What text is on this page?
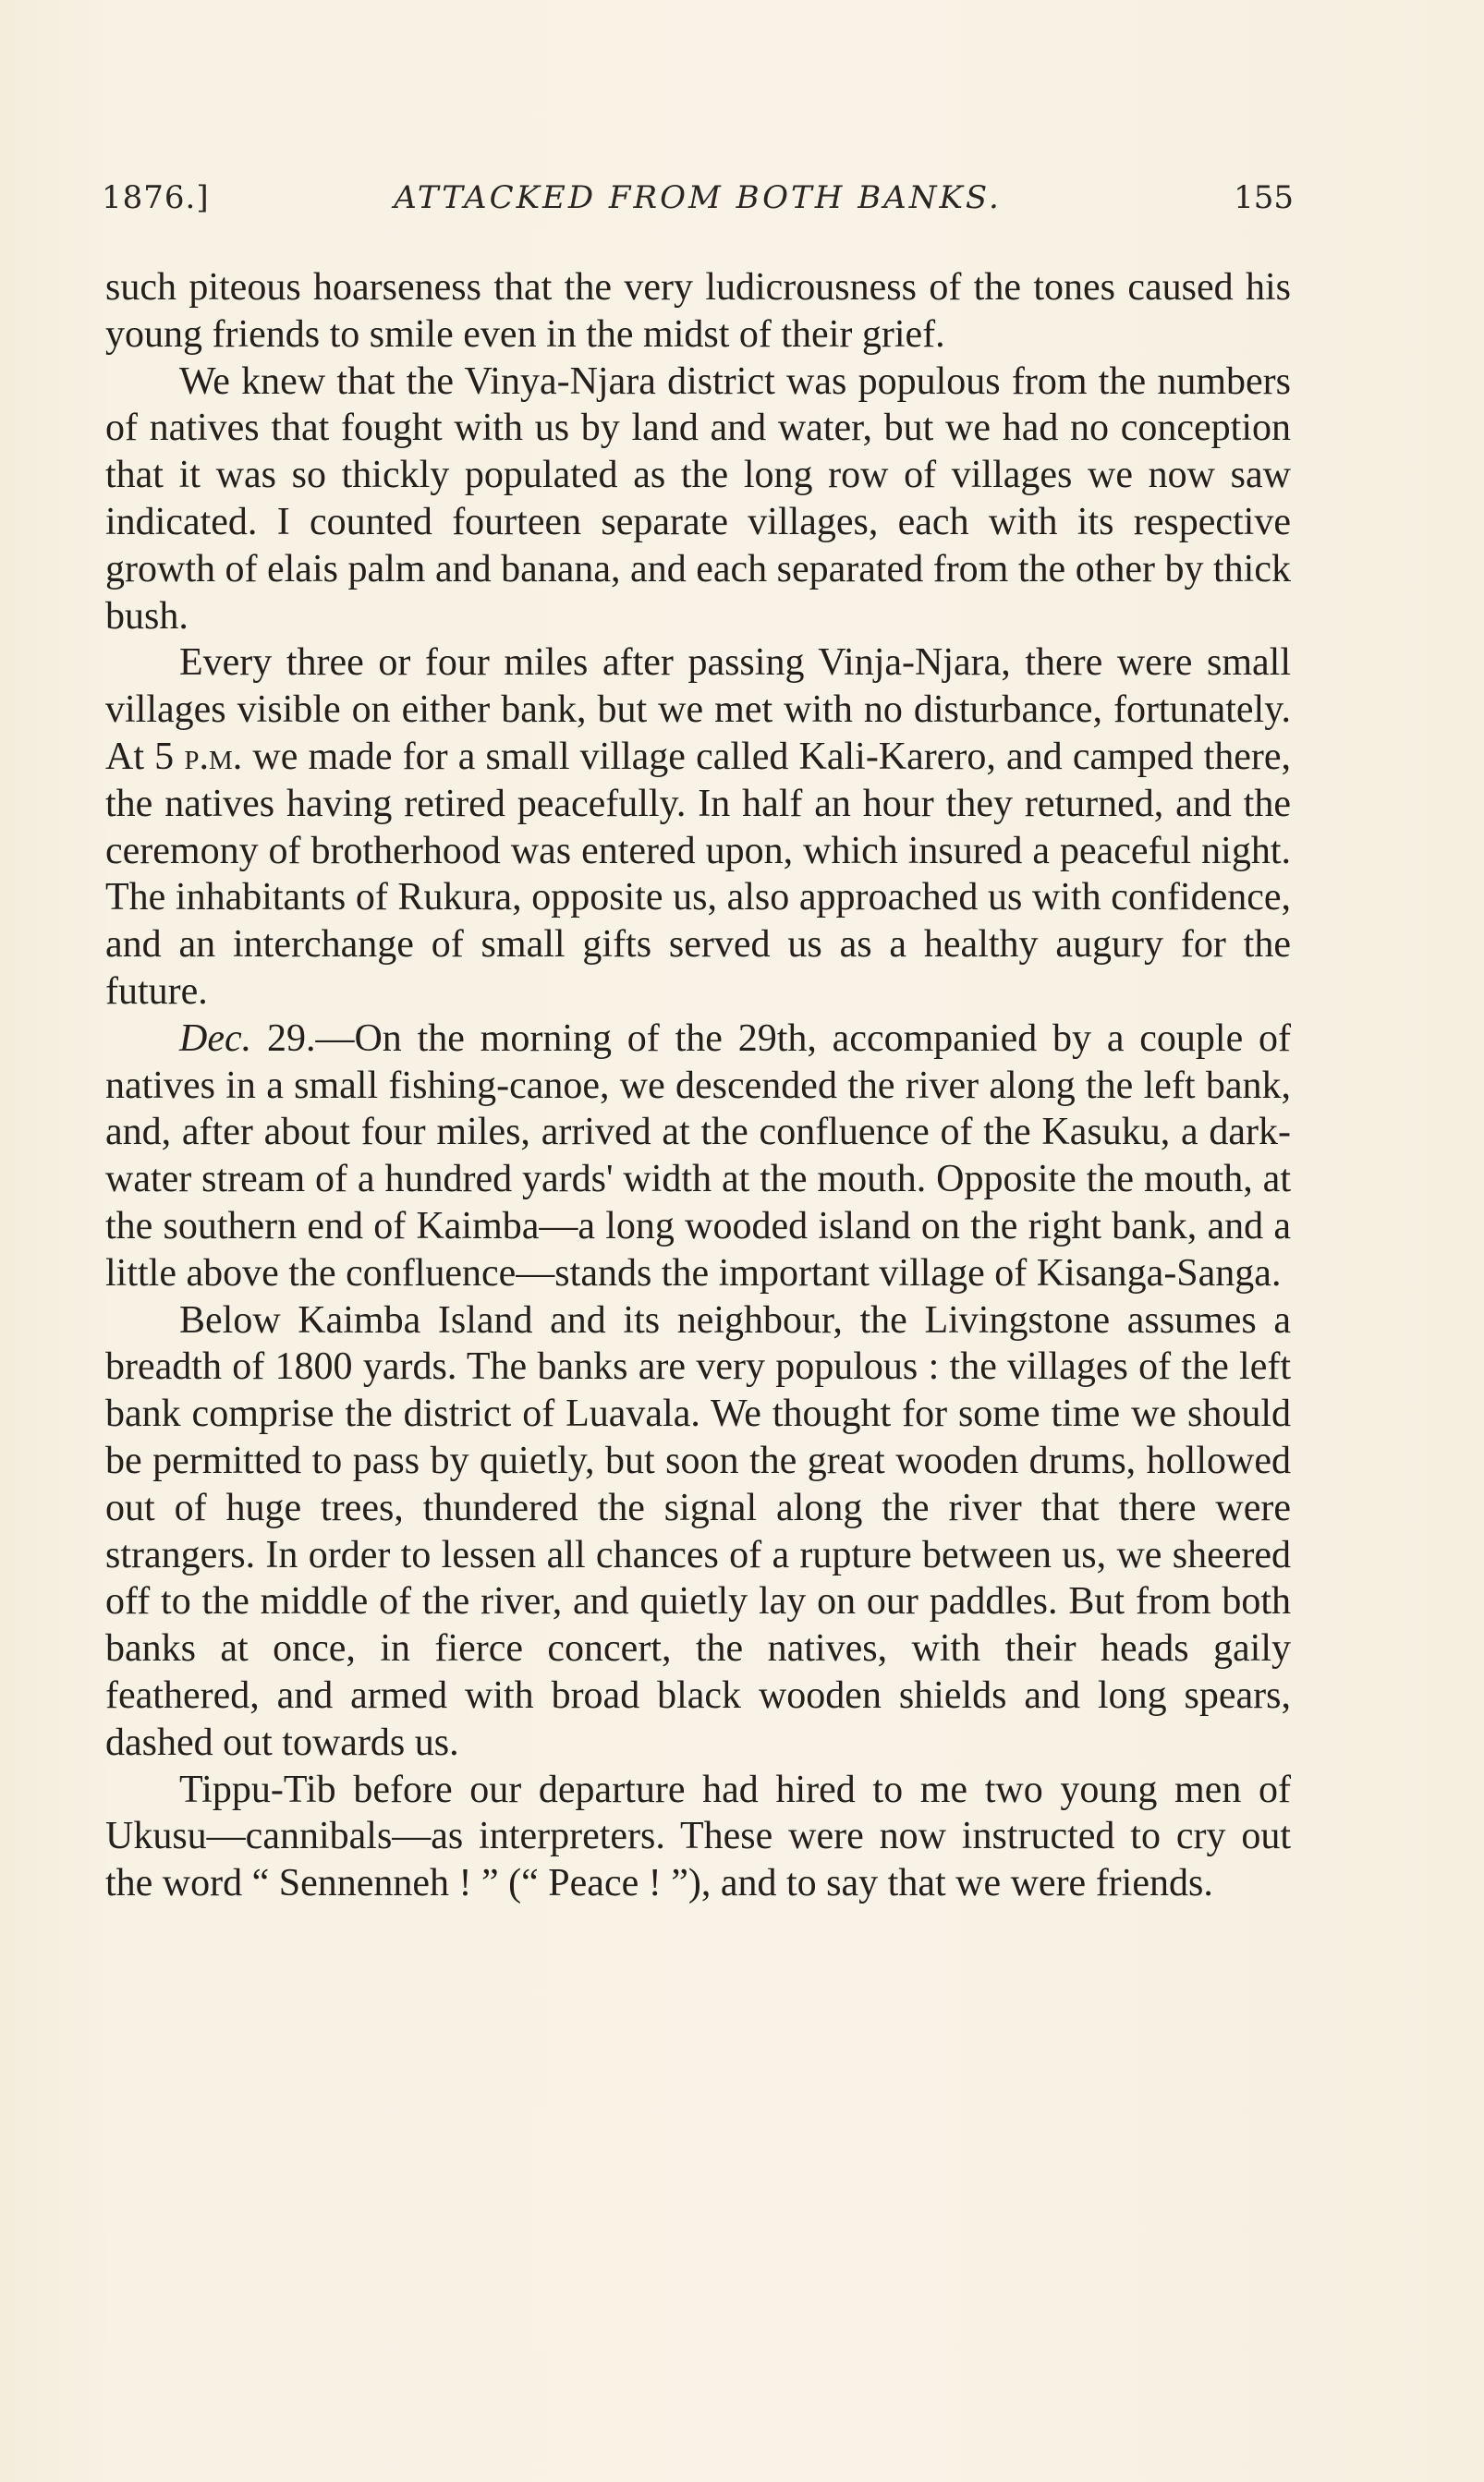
1876.]	ATTACKED FROM BOTH BANKS.	155

such piteous hoarseness that the very ludicrousness of the tones caused his young friends to smile even in the midst of their grief.

We knew that the Vinya-Njara district was populous from the numbers of natives that fought with us by land and water, but we had no conception that it was so thickly populated as the long row of villages we now saw indicated. I counted fourteen separate villages, each with its respective growth of elais palm and banana, and each separated from the other by thick bush.

Every three or four miles after passing Vinja-Njara, there were small villages visible on either bank, but we met with no disturbance, fortunately. At 5 p.m. we made for a small village called Kali-Karero, and camped there, the natives having retired peacefully. In half an hour they returned, and the ceremony of brotherhood was entered upon, which insured a peaceful night. The inhabitants of Rukura, opposite us, also approached us with confidence, and an interchange of small gifts served us as a healthy augury for the future.

Dec. 29.—On the morning of the 29th, accompanied by a couple of natives in a small fishing-canoe, we descended the river along the left bank, and, after about four miles, arrived at the confluence of the Kasuku, a dark-water stream of a hundred yards' width at the mouth. Opposite the mouth, at the southern end of Kaimba—a long wooded island on the right bank, and a little above the confluence—stands the important village of Kisanga-Sanga.

Below Kaimba Island and its neighbour, the Livingstone assumes a breadth of 1800 yards. The banks are very populous : the villages of the left bank comprise the district of Luavala. We thought for some time we should be permitted to pass by quietly, but soon the great wooden drums, hollowed out of huge trees, thundered the signal along the river that there were strangers. In order to lessen all chances of a rupture between us, we sheered off to the middle of the river, and quietly lay on our paddles. But from both banks at once, in fierce concert, the natives, with their heads gaily feathered, and armed with broad black wooden shields and long spears, dashed out towards us.

Tippu-Tib before our departure had hired to me two young men of Ukusu—cannibals—as interpreters. These were now instructed to cry out the word “ Sennenneh ! ” (“ Peace ! ”), and to say that we were friends.
